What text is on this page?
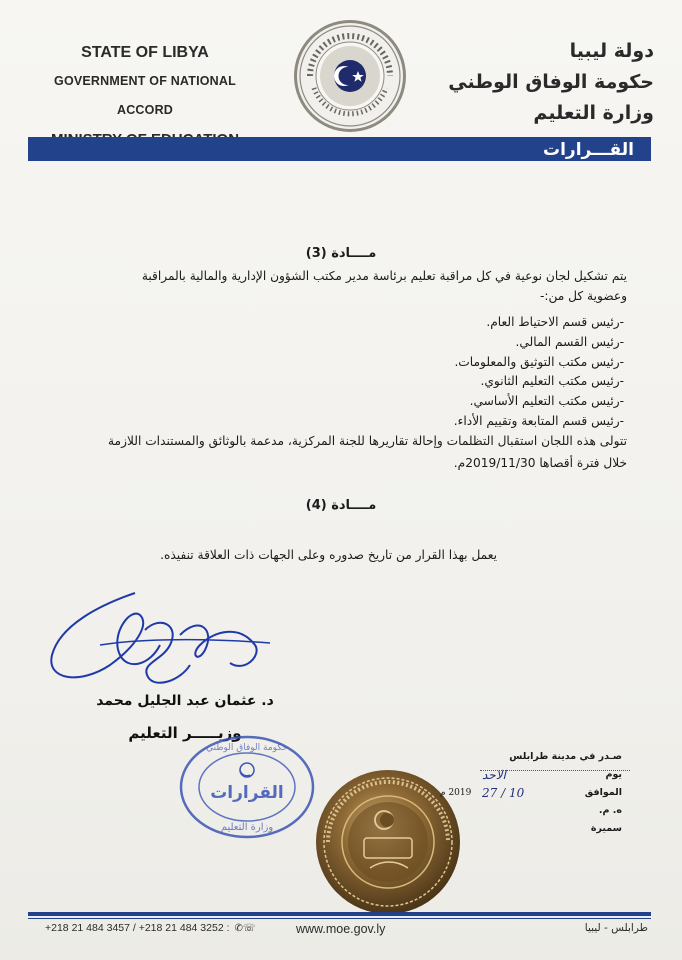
STATE OF LIBYA
GOVERNMENT OF NATIONAL ACCORD
دولة ليبيا
حكومة الوفاق الوطني
وزارة التعليم
القـــرارات
مــــادة (3)
يتم تشكيل لجان نوعية في كل مراقبة تعليم برئاسة مدير مكتب الشؤون الإدارية والمالية بالمراقبة
وعضوية كل من:-
-رئيس قسم الاحتياط العام.
-رئيس القسم المالي.
-رئيس مكتب التوثيق والمعلومات.
-رئيس مكتب التعليم الثانوي.
-رئيس مكتب التعليم الأساسي.
-رئيس قسم المتابعة وتقييم الأداء.
تتولى هذه اللجان استقبال التظلمات وإحالة تقاريرها للجنة المركزية، مدعمة بالوثائق والمستندات اللازمة
خلال فترة أقصاها 2019/11/30م.
مــــادة (4)
يعمل بهذا القرار من تاريخ صدوره وعلى الجهات ذات العلاقة تنفيذه.
د. عثمان عبد الجليل محمد
وزيـــــر التعليم
القرارات
حكومة الوفاق الوطني
وزارة التعليم
صـدر في مدينة طرابلس
يوم
الاحد
الموافق
10 / 27
2019 م
ه. م.
سميرة
+218 21 484 3457 / +218 21 484 3252 : ✆☏	www.moe.gov.ly	طرابلس - ليبيا
